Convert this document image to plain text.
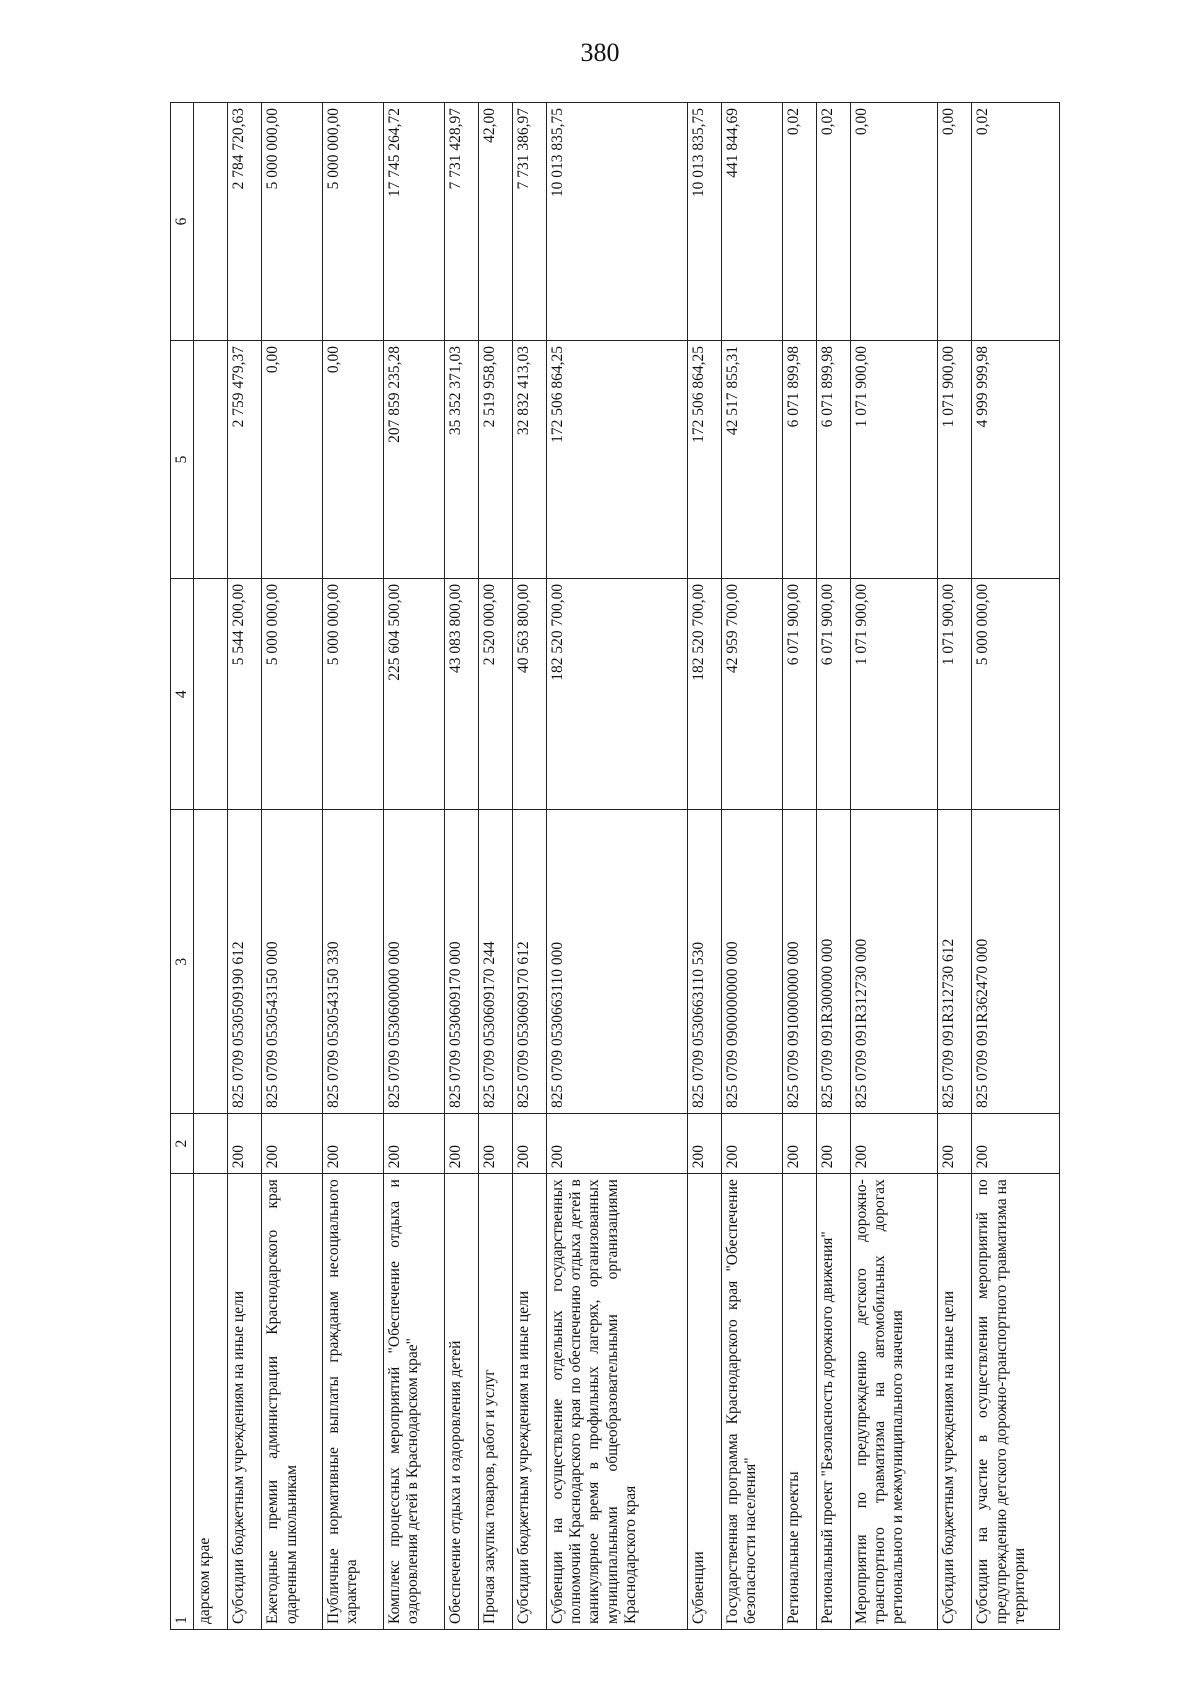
380
1	2	3	4	5	6
дарском крае					
Субсидии бюджетным учреждениям на иные цели	200	825 0709 0530509190 612	5 544 200,00	2 759 479,37	2 784 720,63
Ежегодные премии администрации Краснодарского края одаренным школьникам	200	825 0709 0530543150 000	5 000 000,00	0,00	5 000 000,00
Публичные нормативные выплаты гражданам несоциального характера	200	825 0709 0530543150 330	5 000 000,00	0,00	5 000 000,00
Комплекс процессных мероприятий "Обеспечение отдыха и оздоровления детей в Краснодарском крае"	200	825 0709 0530600000 000	225 604 500,00	207 859 235,28	17 745 264,72
Обеспечение отдыха и оздоровления детей	200	825 0709 0530609170 000	43 083 800,00	35 352 371,03	7 731 428,97
Прочая закупка товаров, работ и услуг	200	825 0709 0530609170 244	2 520 000,00	2 519 958,00	42,00
Субсидии бюджетным учреждениям на иные цели	200	825 0709 0530609170 612	40 563 800,00	32 832 413,03	7 731 386,97
Субвенции на осуществление отдельных государственных полномочий Краснодарского края по обеспечению отдыха детей в каникулярное время в профильных лагерях, организованных муниципальными общеобразовательными организациями Краснодарского края	200	825 0709 0530663110 000	182 520 700,00	172 506 864,25	10 013 835,75
Субвенции	200	825 0709 0530663110 530	182 520 700,00	172 506 864,25	10 013 835,75
Государственная программа Краснодарского края "Обеспечение безопасности населения"	200	825 0709 0900000000 000	42 959 700,00	42 517 855,31	441 844,69
Региональные проекты	200	825 0709 0910000000 000	6 071 900,00	6 071 899,98	0,02
Региональный проект "Безопасность дорожного движения"	200	825 0709 091R300000 000	6 071 900,00	6 071 899,98	0,02
Мероприятия по предупреждению детского дорожно-транспортного травматизма на автомобильных дорогах регионального и межмуниципального значения	200	825 0709 091R312730 000	1 071 900,00	1 071 900,00	0,00
Субсидии бюджетным учреждениям на иные цели	200	825 0709 091R312730 612	1 071 900,00	1 071 900,00	0,00
Субсидии на участие в осуществлении мероприятий по предупреждению детского дорожно-транспортного травматизма на территории	200	825 0709 091R362470 000	5 000 000,00	4 999 999,98	0,02
